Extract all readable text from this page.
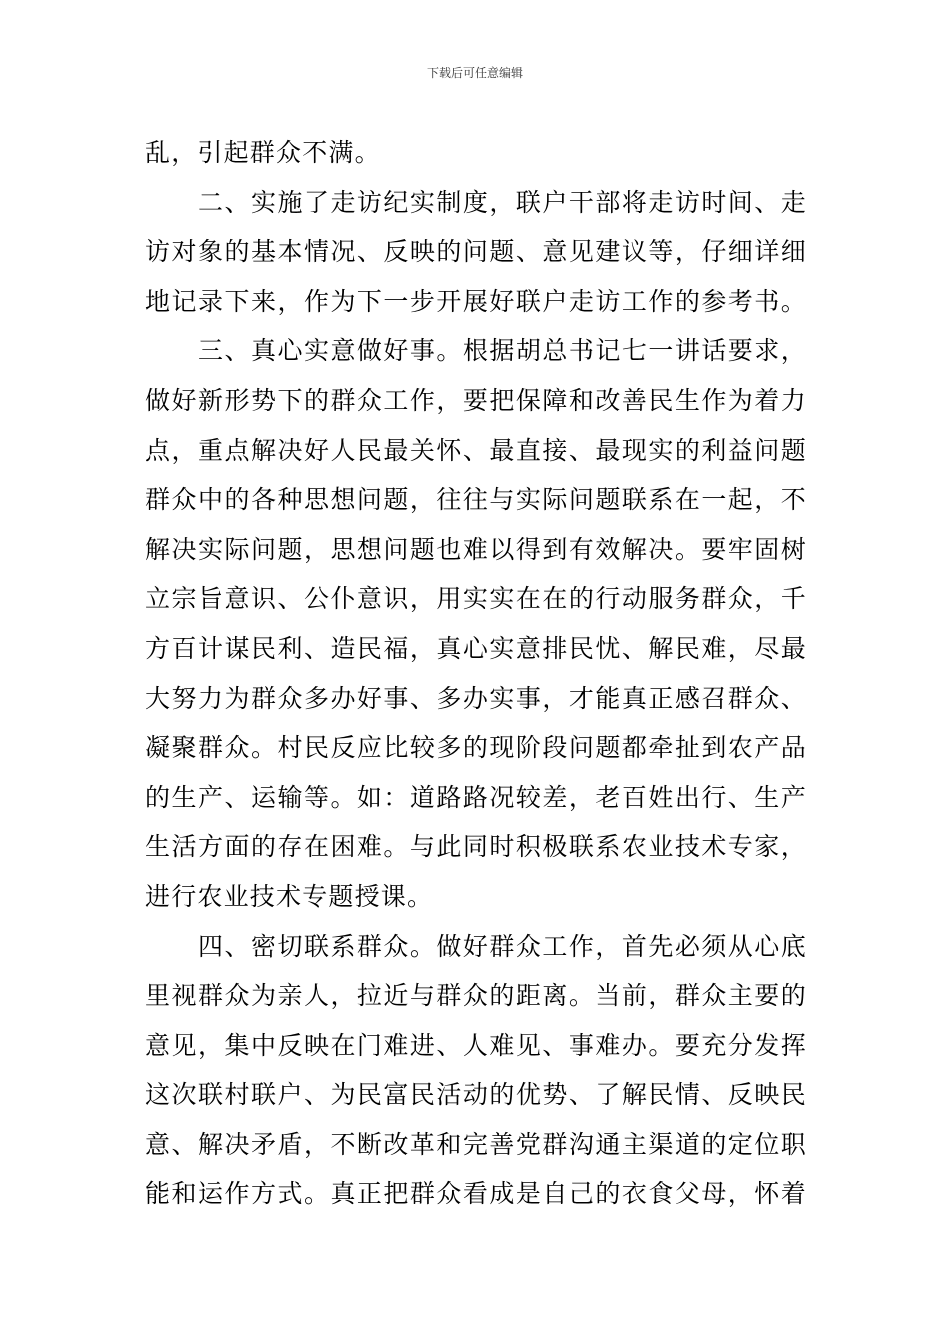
下载后可任意编辑
乱，引起群众不满。
　　二、实施了走访纪实制度，联户干部将走访时间、走
访对象的基本情况、反映的问题、意见建议等，仔细详细
地记录下来，作为下一步开展好联户走访工作的参考书。
　　三、真心实意做好事。根据胡总书记七一讲话要求，
做好新形势下的群众工作，要把保障和改善民生作为着力
点，重点解决好人民最关怀、最直接、最现实的利益问题
群众中的各种思想问题，往往与实际问题联系在一起，不
解决实际问题，思想问题也难以得到有效解决。要牢固树
立宗旨意识、公仆意识，用实实在在的行动服务群众，千
方百计谋民利、造民福，真心实意排民忧、解民难，尽最
大努力为群众多办好事、多办实事，才能真正感召群众、
凝聚群众。村民反应比较多的现阶段问题都牵扯到农产品
的生产、运输等。如：道路路况较差，老百姓出行、生产
生活方面的存在困难。与此同时积极联系农业技术专家，
进行农业技术专题授课。
　　四、密切联系群众。做好群众工作，首先必须从心底
里视群众为亲人，拉近与群众的距离。当前，群众主要的
意见，集中反映在门难进、人难见、事难办。要充分发挥
这次联村联户、为民富民活动的优势、了解民情、反映民
意、解决矛盾，不断改革和完善党群沟通主渠道的定位职
能和运作方式。真正把群众看成是自己的衣食父母，怀着
